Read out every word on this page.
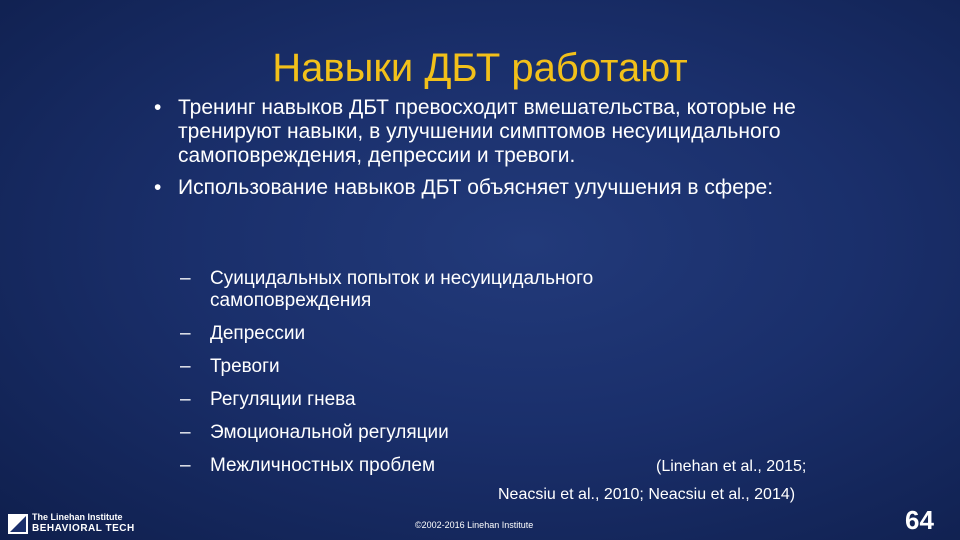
Навыки ДБТ работают
• Тренинг навыков ДБТ превосходит вмешательства, которые не тренируют навыки, в улучшении симптомов несуицидального самоповреждения, депрессии и тревоги.
• Использование навыков ДБТ объясняет улучшения в сфере:
– Суицидальных попыток и несуицидального самоповреждения
– Депрессии
– Тревоги
– Регуляции гнева
– Эмоциональной регуляции
– Межличностных проблем	(Linehan et al., 2015;
Neacsiu et al., 2010; Neacsiu et al., 2014)
The Linehan Institute
BEHAVIORAL TECH	©2002-2016 Linehan Institute	64
